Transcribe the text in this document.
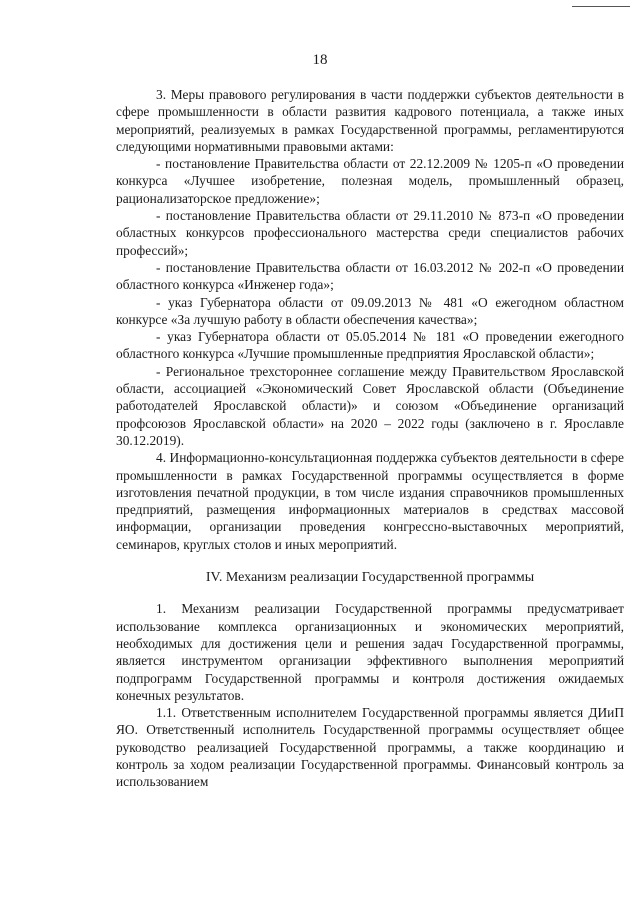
18

3. Меры правового регулирования в части поддержки субъектов деятельности в сфере промышленности в области развития кадрового потенциала, а также иных мероприятий, реализуемых в рамках Государственной программы, регламентируются следующими нормативными правовыми актами:

- постановление Правительства области от 22.12.2009 № 1205-п «О проведении конкурса «Лучшее изобретение, полезная модель, промышленный образец, рационализаторское предложение»;

- постановление Правительства области от 29.11.2010 № 873-п «О проведении областных конкурсов профессионального мастерства среди специалистов рабочих профессий»;

- постановление Правительства области от 16.03.2012 № 202-п «О проведении областного конкурса «Инженер года»;

- указ Губернатора области от 09.09.2013 № 481 «О ежегодном областном конкурсе «За лучшую работу в области обеспечения качества»;

- указ Губернатора области от 05.05.2014 № 181 «О проведении ежегодного областного конкурса «Лучшие промышленные предприятия Ярославской области»;

- Региональное трехстороннее соглашение между Правительством Ярославской области, ассоциацией «Экономический Совет Ярославской области (Объединение работодателей Ярославской области)» и союзом «Объединение организаций профсоюзов Ярославской области» на 2020 – 2022 годы (заключено в г. Ярославле 30.12.2019).

4. Информационно-консультационная поддержка субъектов деятельности в сфере промышленности в рамках Государственной программы осуществляется в форме изготовления печатной продукции, в том числе издания справочников промышленных предприятий, размещения информационных материалов в средствах массовой информации, организации проведения конгрессно-выставочных мероприятий, семинаров, круглых столов и иных мероприятий.

IV. Механизм реализации Государственной программы

1. Механизм реализации Государственной программы предусматривает использование комплекса организационных и экономических мероприятий, необходимых для достижения цели и решения задач Государственной программы, является инструментом организации эффективного выполнения мероприятий подпрограмм Государственной программы и контроля достижения ожидаемых конечных результатов.

1.1. Ответственным исполнителем Государственной программы является ДИиП ЯО. Ответственный исполнитель Государственной программы осуществляет общее руководство реализацией Государственной программы, а также координацию и контроль за ходом реализации Государственной программы. Финансовый контроль за использованием
